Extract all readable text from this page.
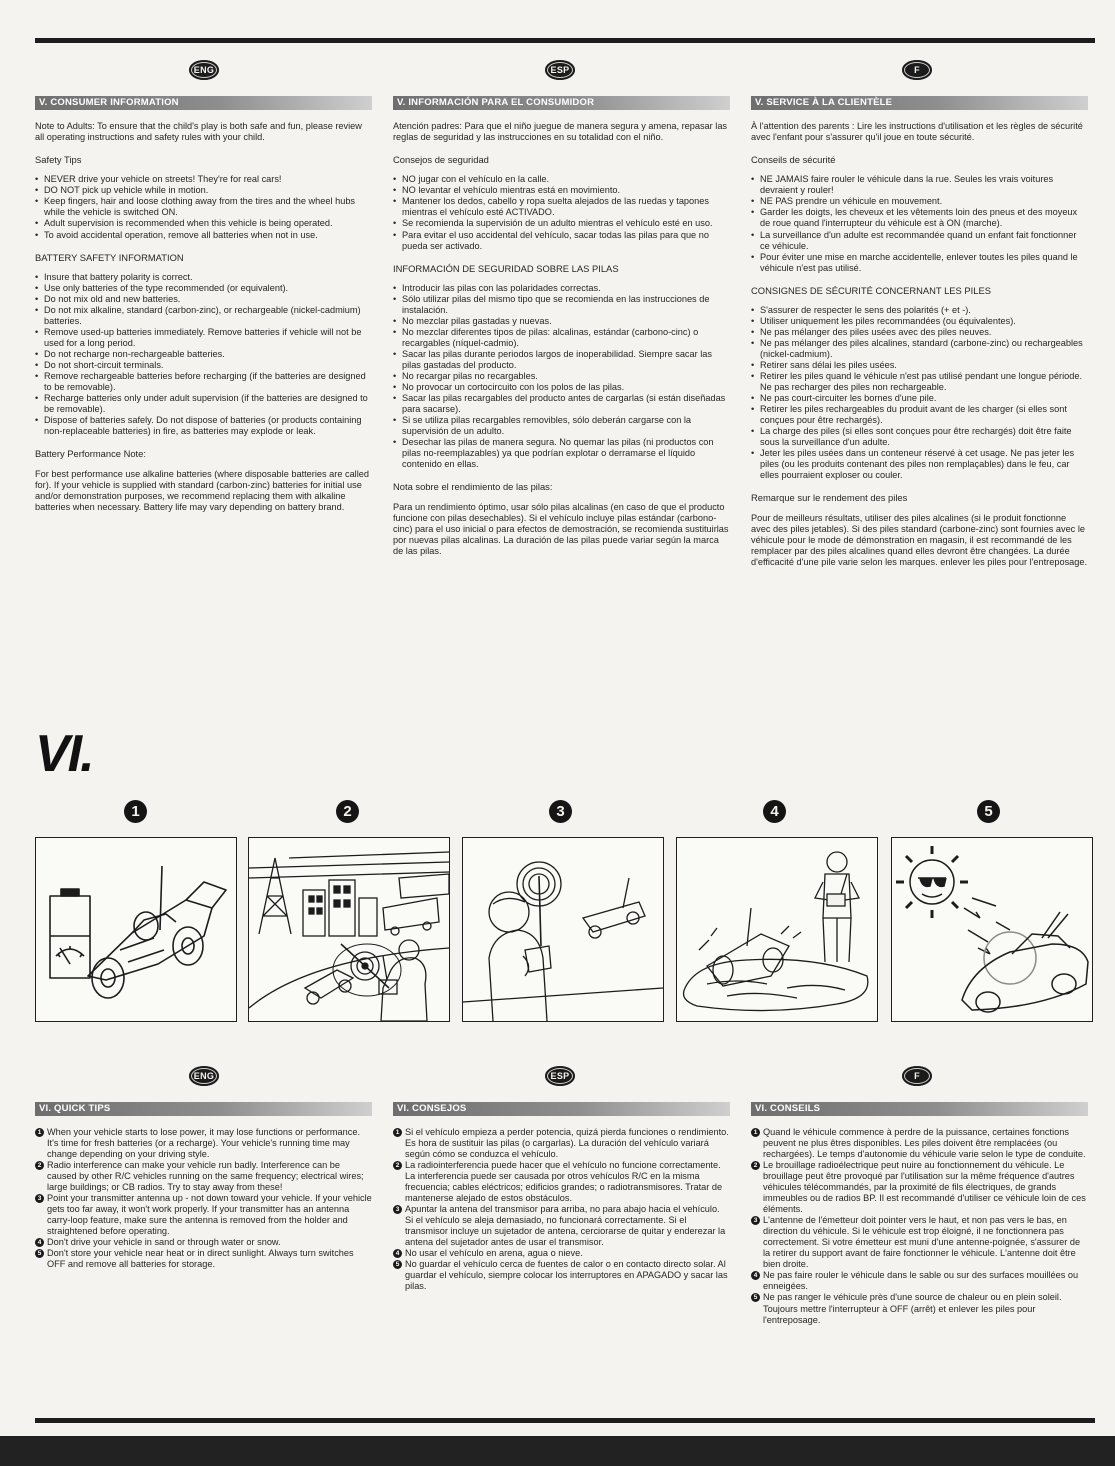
ENG	ESP	F
V. CONSUMER INFORMATION

Note to Adults: To ensure that the child's play is both safe and fun, please review all operating instructions and safety rules with your child.

Safety Tips

• NEVER drive your vehicle on streets! They're for real cars!
• DO NOT pick up vehicle while in motion.
• Keep fingers, hair and loose clothing away from the tires and the wheel hubs while the vehicle is switched ON.
• Adult supervision is recommended when this vehicle is being operated.
• To avoid accidental operation, remove all batteries when not in use.

BATTERY SAFETY INFORMATION

• Insure that battery polarity is correct.
• Use only batteries of the type recommended (or equivalent).
• Do not mix old and new batteries.
• Do not mix alkaline, standard (carbon-zinc), or rechargeable (nickel-cadmium) batteries.
• Remove used-up batteries immediately. Remove batteries if vehicle will not be used for a long period.
• Do not recharge non-rechargeable batteries.
• Do not short-circuit terminals.
• Remove rechargeable batteries before recharging (if the batteries are designed to be removable).
• Recharge batteries only under adult supervision (if the batteries are designed to be removable).
• Dispose of batteries safely. Do not dispose of batteries (or products containing non-replaceable batteries) in fire, as batteries may explode or leak.

Battery Performance Note:

For best performance use alkaline batteries (where disposable batteries are called for). If your vehicle is supplied with standard (carbon-zinc) batteries for initial use and/or demonstration purposes, we recommend replacing them with alkaline batteries when necessary. Battery life may vary depending on battery brand.

V. INFORMACIÓN PARA EL CONSUMIDOR

Atención padres: Para que el niño juegue de manera segura y amena, repasar las reglas de seguridad y las instrucciones en su totalidad con el niño.

Consejos de seguridad

• NO jugar con el vehículo en la calle.
• NO levantar el vehículo mientras está en movimiento.
• Mantener los dedos, cabello y ropa suelta alejados de las ruedas y tapones mientras el vehículo esté ACTIVADO.
• Se recomienda la supervisión de un adulto mientras el vehículo esté en uso.
• Para evitar el uso accidental del vehículo, sacar todas las pilas para que no pueda ser activado.

INFORMACIÓN DE SEGURIDAD SOBRE LAS PILAS

• Introducir las pilas con las polaridades correctas.
• Sólo utilizar pilas del mismo tipo que se recomienda en las instrucciones de instalación.
• No mezclar pilas gastadas y nuevas.
• No mezclar diferentes tipos de pilas: alcalinas, estándar (carbono-cinc) o recargables (níquel-cadmio).
• Sacar las pilas durante periodos largos de inoperabilidad. Siempre sacar las pilas gastadas del producto.
• No recargar pilas no recargables.
• No provocar un cortocircuito con los polos de las pilas.
• Sacar las pilas recargables del producto antes de cargarlas (si están diseñadas para sacarse).
• Si se utiliza pilas recargables removibles, sólo deberán cargarse con la supervisión de un adulto.
• Desechar las pilas de manera segura. No quemar las pilas (ni productos con pilas no-reemplazables) ya que podrían explotar o derramarse el líquido contenido en ellas.

Nota sobre el rendimiento de las pilas:

Para un rendimiento óptimo, usar sólo pilas alcalinas (en caso de que el producto funcione con pilas desechables). Si el vehículo incluye pilas estándar (carbono-cinc) para el uso inicial o para efectos de demostración, se recomienda sustituirlas por nuevas pilas alcalinas. La duración de las pilas puede variar según la marca de las pilas.

V. SERVICE À LA CLIENTÈLE

À l'attention des parents : Lire les instructions d'utilisation et les règles de sécurité avec l'enfant pour s'assurer qu'il joue en toute sécurité.

Conseils de sécurité

• NE JAMAIS faire rouler le véhicule dans la rue. Seules les vrais voitures devraient y rouler!
• NE PAS prendre un véhicule en mouvement.
• Garder les doigts, les cheveux et les vêtements loin des pneus et des moyeux de roue quand l'interrupteur du véhicule est à ON (marche).
• La surveillance d'un adulte est recommandée quand un enfant fait fonctionner ce véhicule.
• Pour éviter une mise en marche accidentelle, enlever toutes les piles quand le véhicule n'est pas utilisé.

CONSIGNES DE SÉCURITÉ CONCERNANT LES PILES

• S'assurer de respecter le sens des polarités (+ et -).
• Utiliser uniquement les piles recommandées (ou équivalentes).
• Ne pas mélanger des piles usées avec des piles neuves.
• Ne pas mélanger des piles alcalines, standard (carbone-zinc) ou rechargeables (nickel-cadmium).
• Retirer sans délai les piles usées.
• Retirer les piles quand le véhicule n'est pas utilisé pendant une longue période. Ne pas recharger des piles non rechargeable.
• Ne pas court-circuiter les bornes d'une pile.
• Retirer les piles rechargeables du produit avant de les charger (si elles sont conçues pour être rechargés).
• La charge des piles (si elles sont conçues pour être rechargés) doit être faite sous la surveillance d'un adulte.
• Jeter les piles usées dans un conteneur réservé à cet usage. Ne pas jeter les piles (ou les produits contenant des piles non remplaçables) dans le feu, car elles pourraient exploser ou couler.

Remarque sur le rendement des piles

Pour de meilleurs résultats, utiliser des piles alcalines (si le produit fonctionne avec des piles jetables). Si des piles standard (carbone-zinc) sont fournies avec le véhicule pour le mode de démonstration en magasin, il est recommandé de les remplacer par des piles alcalines quand elles devront être changées. La durée d'efficacité d'une pile varie selon les marques. enlever les piles pour l'entreposage.

VI.
1	2	3	4	5
ENG	ESP	F
VI. QUICK TIPS
1 When your vehicle starts to lose power, it may lose functions or performance. It's time for fresh batteries (or a recharge). Your vehicle's running time may change depending on your driving style.
2 Radio interference can make your vehicle run badly. Interference can be caused by other R/C vehicles running on the same frequency; electrical wires; large buildings; or CB radios. Try to stay away from these!
3 Point your transmitter antenna up - not down toward your vehicle. If your vehicle gets too far away, it won't work properly. If your transmitter has an antenna carry-loop feature, make sure the antenna is removed from the holder and straightened before operating.
4 Don't drive your vehicle in sand or through water or snow.
5 Don't store your vehicle near heat or in direct sunlight. Always turn switches OFF and remove all batteries for storage.
VI. CONSEJOS
1 Si el vehículo empieza a perder potencia, quizá pierda funciones o rendimiento. Es hora de sustituir las pilas (o cargarlas). La duración del vehículo variará según cómo se conduzca el vehículo.
2 La radiointerferencia puede hacer que el vehículo no funcione correctamente. La interferencia puede ser causada por otros vehículos R/C en la misma frecuencia; cables eléctricos; edificios grandes; o radiotransmisores. Tratar de mantenerse alejado de estos obstáculos.
3 Apuntar la antena del transmisor para arriba, no para abajo hacia el vehículo. Si el vehículo se aleja demasiado, no funcionará correctamente. Si el transmisor incluye un sujetador de antena, cerciorarse de quitar y enderezar la antena del sujetador antes de usar el transmisor.
4 No usar el vehículo en arena, agua o nieve.
5 No guardar el vehículo cerca de fuentes de calor o en contacto directo solar. Al guardar el vehículo, siempre colocar los interruptores en APAGADO y sacar las pilas.
VI. CONSEILS
1 Quand le véhicule commence à perdre de la puissance, certaines fonctions peuvent ne plus êtres disponibles. Les piles doivent être remplacées (ou rechargées). Le temps d'autonomie du véhicule varie selon le type de conduite.
2 Le brouillage radioélectrique peut nuire au fonctionnement du véhicule. Le brouillage peut être provoqué par l'utilisation sur la même fréquence d'autres véhicules télécommandés, par la proximité de fils électriques, de grands immeubles ou de radios BP. Il est recommandé d'utiliser ce véhicule loin de ces éléments.
3 L'antenne de l'émetteur doit pointer vers le haut, et non pas vers le bas, en direction du véhicule. Si le véhicule est trop éloigné, il ne fonctionnera pas correctement. Si votre émetteur est muni d'une antenne-poignée, s'assurer de la retirer du support avant de faire fonctionner le véhicule. L'antenne doit être bien droite.
4 Ne pas faire rouler le véhicule dans le sable ou sur des surfaces mouillées ou enneigées.
5 Ne pas ranger le véhicule près d'une source de chaleur ou en plein soleil. Toujours mettre l'interrupteur à OFF (arrêt) et enlever les piles pour l'entreposage.
